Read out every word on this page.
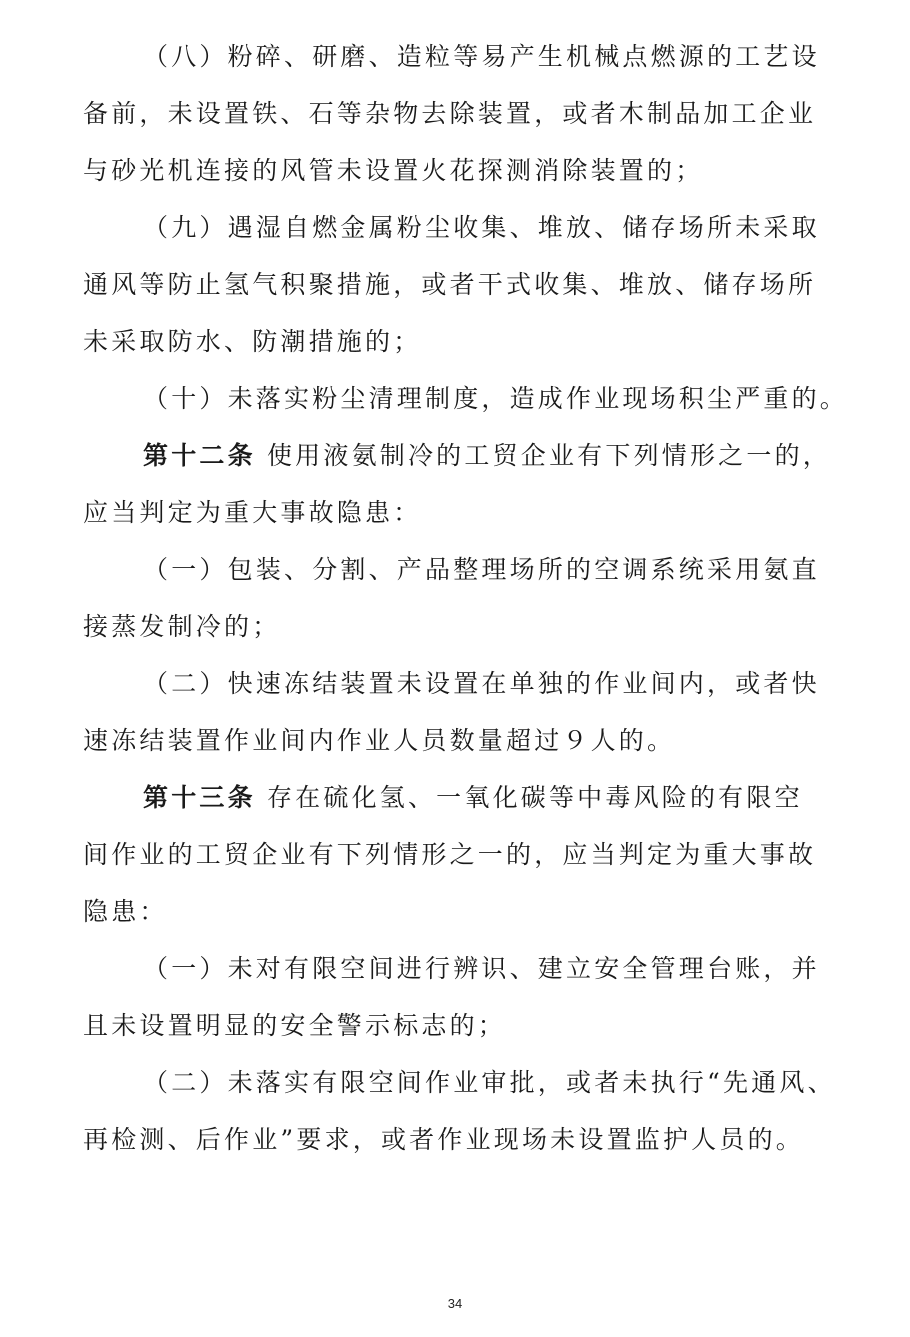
（八）粉碎、研磨、造粒等易产生机械点燃源的工艺设
备前，未设置铁、石等杂物去除装置，或者木制品加工企业
与砂光机连接的风管未设置火花探测消除装置的；
（九）遇湿自燃金属粉尘收集、堆放、储存场所未采取
通风等防止氢气积聚措施，或者干式收集、堆放、储存场所
未采取防水、防潮措施的；
（十）未落实粉尘清理制度，造成作业现场积尘严重的。
第十二条 使用液氨制冷的工贸企业有下列情形之一的，
应当判定为重大事故隐患：
（一）包装、分割、产品整理场所的空调系统采用氨直
接蒸发制冷的；
（二）快速冻结装置未设置在单独的作业间内，或者快
速冻结装置作业间内作业人员数量超过９人的。
第十三条 存在硫化氢、一氧化碳等中毒风险的有限空
间作业的工贸企业有下列情形之一的，应当判定为重大事故
隐患：
（一）未对有限空间进行辨识、建立安全管理台账，并
且未设置明显的安全警示标志的；
（二）未落实有限空间作业审批，或者未执行“先通风、
再检测、后作业”要求，或者作业现场未设置监护人员的。
34
